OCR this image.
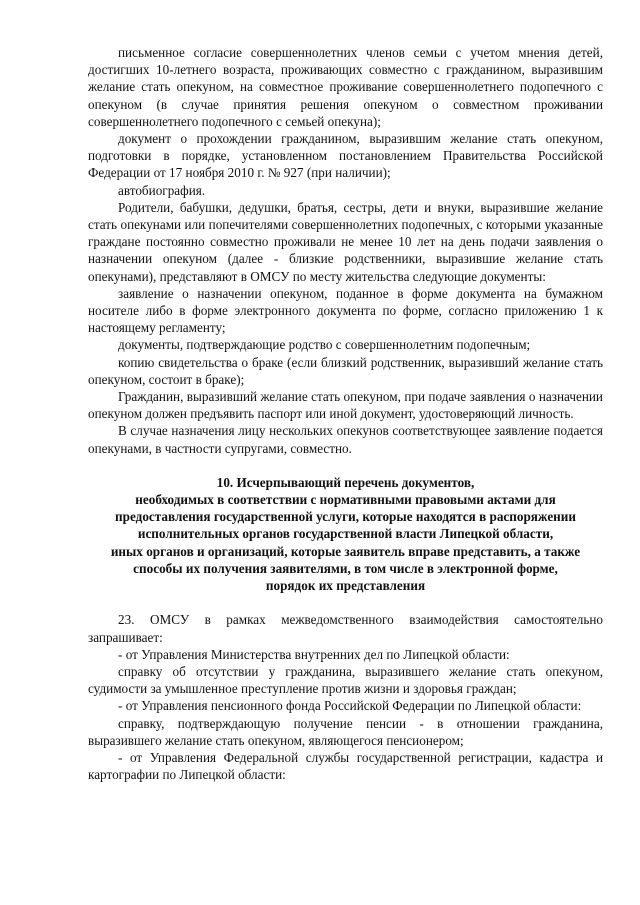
письменное согласие совершеннолетних членов семьи с учетом мнения детей, достигших 10-летнего возраста, проживающих совместно с гражданином, выразившим желание стать опекуном, на совместное проживание совершеннолетнего подопечного с опекуном (в случае принятия решения опекуном о совместном проживании совершеннолетнего подопечного с семьей опекуна);

документ о прохождении гражданином, выразившим желание стать опекуном, подготовки в порядке, установленном постановлением Правительства Российской Федерации от 17 ноября 2010 г. № 927 (при наличии);

автобиография.

Родители, бабушки, дедушки, братья, сестры, дети и внуки, выразившие желание стать опекунами или попечителями совершеннолетних подопечных, с которыми указанные граждане постоянно совместно проживали не менее 10 лет на день подачи заявления о назначении опекуном (далее - близкие родственники, выразившие желание стать опекунами), представляют в ОМСУ по месту жительства следующие документы:

заявление о назначении опекуном, поданное в форме документа на бумажном носителе либо в форме электронного документа по форме, согласно приложению 1 к настоящему регламенту;

документы, подтверждающие родство с совершеннолетним подопечным;

копию свидетельства о браке (если близкий родственник, выразивший желание стать опекуном, состоит в браке);

Гражданин, выразивший желание стать опекуном, при подаче заявления о назначении опекуном должен предъявить паспорт или иной документ, удостоверяющий личность.

В случае назначения лицу нескольких опекунов соответствующее заявление подается опекунами, в частности супругами, совместно.

10. Исчерпывающий перечень документов,
необходимых в соответствии с нормативными правовыми актами для
предоставления государственной услуги, которые находятся в распоряжении
исполнительных органов государственной власти Липецкой области,
иных органов и организаций, которые заявитель вправе представить, а также
способы их получения заявителями, в том числе в электронной форме,
порядок их представления

23. ОМСУ в рамках межведомственного взаимодействия самостоятельно запрашивает:

- от Управления Министерства внутренних дел по Липецкой области:

справку об отсутствии у гражданина, выразившего желание стать опекуном, судимости за умышленное преступление против жизни и здоровья граждан;

- от Управления пенсионного фонда Российской Федерации по Липецкой области:

справку, подтверждающую получение пенсии - в отношении гражданина, выразившего желание стать опекуном, являющегося пенсионером;

- от Управления Федеральной службы государственной регистрации, кадастра и картографии по Липецкой области:
